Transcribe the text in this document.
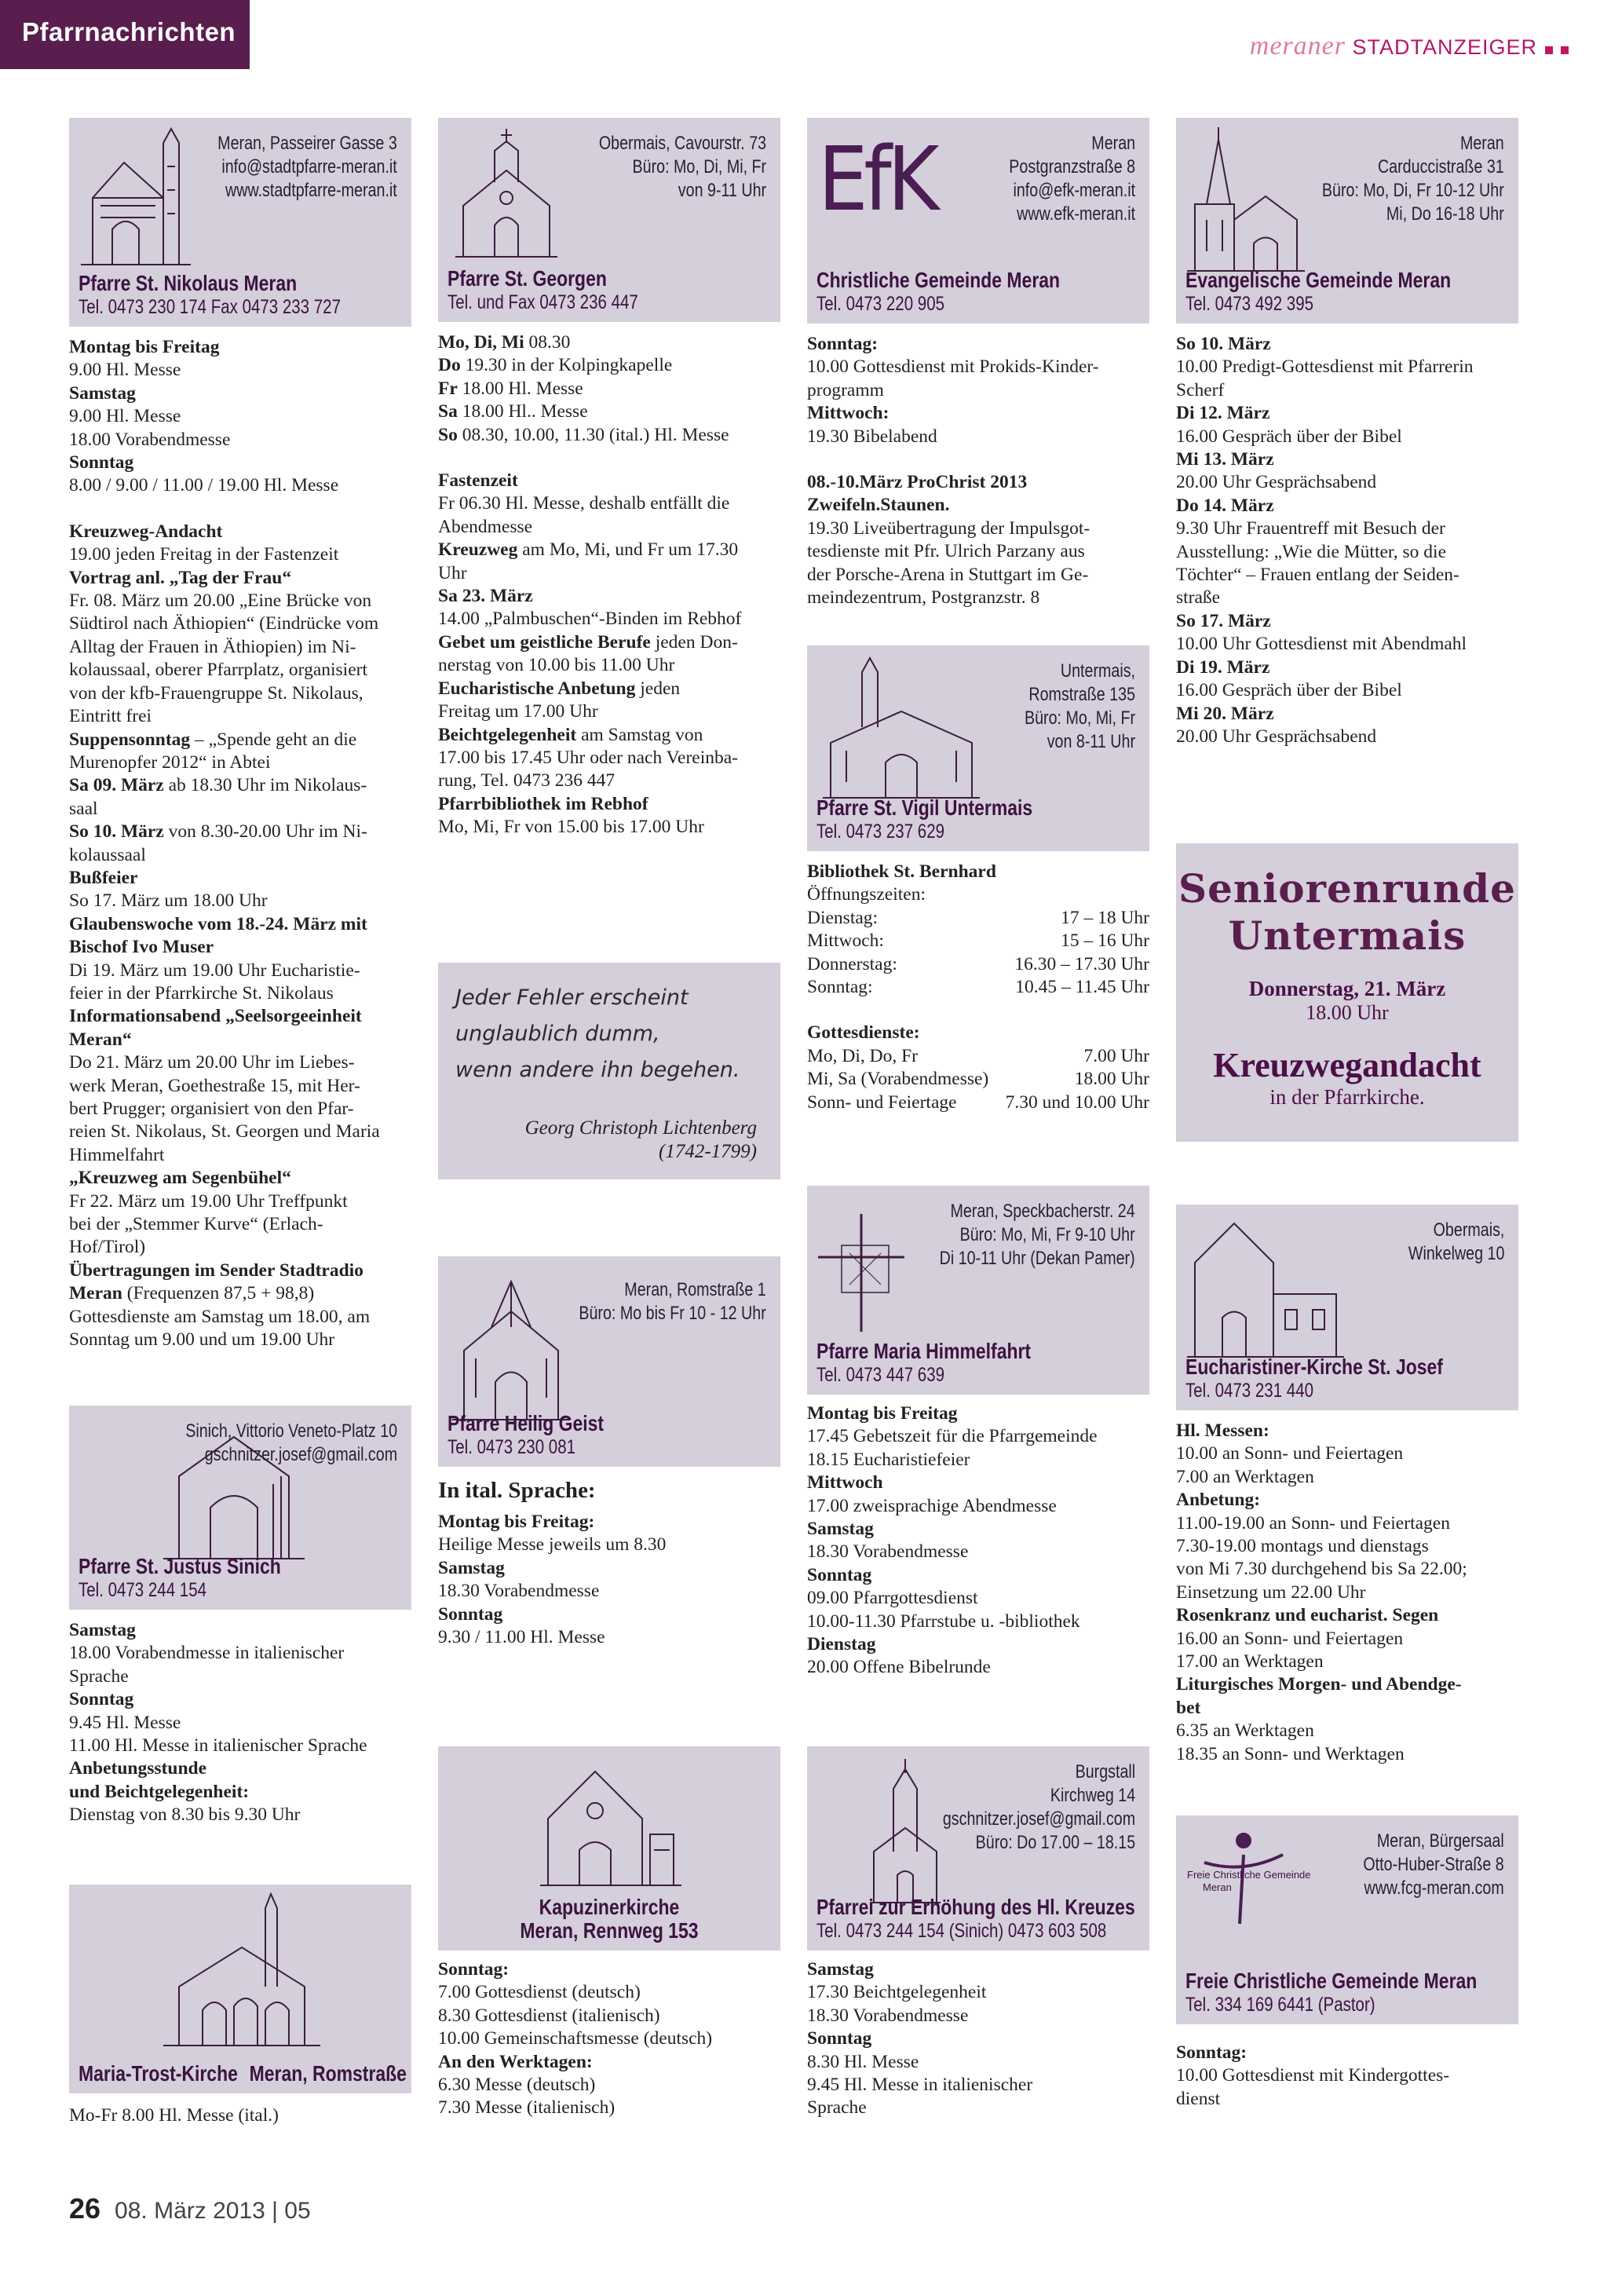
Pfarrnachrichten	meraner STADTANZEIGER
Meran, Passeirer Gasse 3
info@stadtpfarre-meran.it
www.stadtpfarre-meran.it
Pfarre St. Nikolaus Meran
Tel. 0473 230 174 Fax 0473 233 727
Montag bis Freitag
9.00 Hl. Messe
Samstag
9.00 Hl. Messe
18.00 Vorabendmesse
Sonntag
8.00 / 9.00 / 11.00 / 19.00 Hl. Messe
Kreuzweg-Andacht
19.00 jeden Freitag in der Fastenzeit
Vortrag anl. „Tag der Frau“
Fr. 08. März um 20.00 „Eine Brücke von
Südtirol nach Äthiopien“ (Eindrücke vom
Alltag der Frauen in Äthiopien) im Ni-
kolaussaal, oberer Pfarrplatz, organisiert
von der kfb-Frauengruppe St. Nikolaus,
Eintritt frei
Suppensonntag – „Spende geht an die
Murenopfer 2012“ in Abtei
Sa 09. März ab 18.30 Uhr im Nikolaus-
saal
So 10. März von 8.30-20.00 Uhr im Ni-
kolaussaal
Bußfeier
So 17. März um 18.00 Uhr
Glaubenswoche vom 18.-24. März mit
Bischof Ivo Muser
Di 19. März um 19.00 Uhr Eucharistie-
feier in der Pfarrkirche St. Nikolaus
Informationsabend „Seelsorgeeinheit
Meran“
Do 21. März um 20.00 Uhr im Liebes-
werk Meran, Goethestraße 15, mit Her-
bert Prugger; organisiert von den Pfar-
reien St. Nikolaus, St. Georgen und Maria
Himmelfahrt
„Kreuzweg am Segenbühel“
Fr 22. März um 19.00 Uhr Treffpunkt
bei der „Stemmer Kurve“ (Erlach-
Hof/Tirol)
Übertragungen im Sender Stadtradio
Meran (Frequenzen 87,5 + 98,8)
Gottesdienste am Samstag um 18.00, am
Sonntag um 9.00 und um 19.00 Uhr
Sinich, Vittorio Veneto-Platz 10
gschnitzer.josef@gmail.com
Pfarre St. Justus Sinich
Tel. 0473 244 154
Samstag
18.00 Vorabendmesse in italienischer
Sprache
Sonntag
9.45 Hl. Messe
11.00 Hl. Messe in italienischer Sprache
Anbetungsstunde
und Beichtgelegenheit:
Dienstag von 8.30 bis 9.30 Uhr
Maria-Trost-Kirche Meran, Romstraße
Mo-Fr 8.00 Hl. Messe (ital.)
Obermais, Cavourstr. 73
Büro: Mo, Di, Mi, Fr
von 9-11 Uhr
Pfarre St. Georgen
Tel. und Fax 0473 236 447
Mo, Di, Mi 08.30
Do 19.30 in der Kolpingkapelle
Fr 18.00 Hl. Messe
Sa 18.00 Hl.. Messe
So 08.30, 10.00, 11.30 (ital.) Hl. Messe
Fastenzeit
Fr 06.30 Hl. Messe, deshalb entfällt die
Abendmesse
Kreuzweg am Mo, Mi, und Fr um 17.30
Uhr
Sa 23. März
14.00 „Palmbuschen“-Binden im Rebhof
Gebet um geistliche Berufe jeden Don-
nerstag von 10.00 bis 11.00 Uhr
Eucharistische Anbetung jeden
Freitag um 17.00 Uhr
Beichtgelegenheit am Samstag von
17.00 bis 17.45 Uhr oder nach Vereinba-
rung, Tel. 0473 236 447
Pfarrbibliothek im Rebhof
Mo, Mi, Fr von 15.00 bis 17.00 Uhr
Jeder Fehler erscheint
unglaublich dumm,
wenn andere ihn begehen.
Georg Christoph Lichtenberg
(1742-1799)
Meran, Romstraße 1
Büro: Mo bis Fr 10 - 12 Uhr
Pfarre Heilig Geist
Tel. 0473 230 081
In ital. Sprache:
Montag bis Freitag:
Heilige Messe jeweils um 8.30
Samstag
18.30 Vorabendmesse
Sonntag
9.30 / 11.00 Hl. Messe
Kapuzinerkirche
Meran, Rennweg 153
Sonntag:
7.00 Gottesdienst (deutsch)
8.30 Gottesdienst (italienisch)
10.00 Gemeinschaftsmesse (deutsch)
An den Werktagen:
6.30 Messe (deutsch)
7.30 Messe (italienisch)
EfK	Meran
Postgranzstraße 8
info@efk-meran.it
www.efk-meran.it
Christliche Gemeinde Meran
Tel. 0473 220 905
Sonntag:
10.00 Gottesdienst mit Prokids-Kinder-
programm
Mittwoch:
19.30 Bibelabend
08.-10.März ProChrist 2013
Zweifeln.Staunen.
19.30 Liveübertragung der Impulsgot-
tesdienste mit Pfr. Ulrich Parzany aus
der Porsche-Arena in Stuttgart im Ge-
meindezentrum, Postgranzstr. 8
Untermais,
Romstraße 135
Büro: Mo, Mi, Fr
von 8-11 Uhr
Pfarre St. Vigil Untermais
Tel. 0473 237 629
Bibliothek St. Bernhard
Öffnungszeiten:
Dienstag:	17 – 18 Uhr
Mittwoch:	15 – 16 Uhr
Donnerstag:	16.30 – 17.30 Uhr
Sonntag:	10.45 – 11.45 Uhr
Gottesdienste:
Mo, Di, Do, Fr	7.00 Uhr
Mi, Sa (Vorabendmesse)	18.00 Uhr
Sonn- und Feiertage	7.30 und 10.00 Uhr
Meran, Speckbacherstr. 24
Büro: Mo, Mi, Fr 9-10 Uhr
Di 10-11 Uhr (Dekan Pamer)
Pfarre Maria Himmelfahrt
Tel. 0473 447 639
Montag bis Freitag
17.45 Gebetszeit für die Pfarrgemeinde
18.15 Eucharistiefeier
Mittwoch
17.00 zweisprachige Abendmesse
Samstag
18.30 Vorabendmesse
Sonntag
09.00 Pfarrgottesdienst
10.00-11.30 Pfarrstube u. -bibliothek
Dienstag
20.00 Offene Bibelrunde
Burgstall
Kirchweg 14
gschnitzer.josef@gmail.com
Büro: Do 17.00 – 18.15
Pfarrei zur Erhöhung des Hl. Kreuzes
Tel. 0473 244 154 (Sinich) 0473 603 508
Samstag
17.30 Beichtgelegenheit
18.30 Vorabendmesse
Sonntag
8.30 Hl. Messe
9.45 Hl. Messe in italienischer
Sprache
Meran
Carduccistraße 31
Büro: Mo, Di, Fr 10-12 Uhr
Mi, Do 16-18 Uhr
Evangelische Gemeinde Meran
Tel. 0473 492 395
So 10. März
10.00 Predigt-Gottesdienst mit Pfarrerin
Scherf
Di 12. März
16.00 Gespräch über der Bibel
Mi 13. März
20.00 Uhr Gesprächsabend
Do 14. März
9.30 Uhr Frauentreff mit Besuch der
Ausstellung: „Wie die Mütter, so die
Töchter“ – Frauen entlang der Seiden-
straße
So 17. März
10.00 Uhr Gottesdienst mit Abendmahl
Di 19. März
16.00 Gespräch über der Bibel
Mi 20. März
20.00 Uhr Gesprächsabend
Seniorenrunde
Untermais
Donnerstag, 21. März
18.00 Uhr
Kreuzwegandacht
in der Pfarrkirche.
Obermais,
Winkelweg 10
Eucharistiner-Kirche St. Josef
Tel. 0473 231 440
Hl. Messen:
10.00 an Sonn- und Feiertagen
7.00 an Werktagen
Anbetung:
11.00-19.00 an Sonn- und Feiertagen
7.30-19.00 montags und dienstags
von Mi 7.30 durchgehend bis Sa 22.00;
Einsetzung um 22.00 Uhr
Rosenkranz und eucharist. Segen
16.00 an Sonn- und Feiertagen
17.00 an Werktagen
Liturgisches Morgen- und Abendge-
bet
6.35 an Werktagen
18.35 an Sonn- und Werktagen
Freie Christliche Gemeinde
Meran
Meran, Bürgersaal
Otto-Huber-Straße 8
www.fcg-meran.com
Freie Christliche Gemeinde Meran
Tel. 334 169 6441 (Pastor)
Sonntag:
10.00 Gottesdienst mit Kindergottes-
dienst
26 08. März 2013 | 05
